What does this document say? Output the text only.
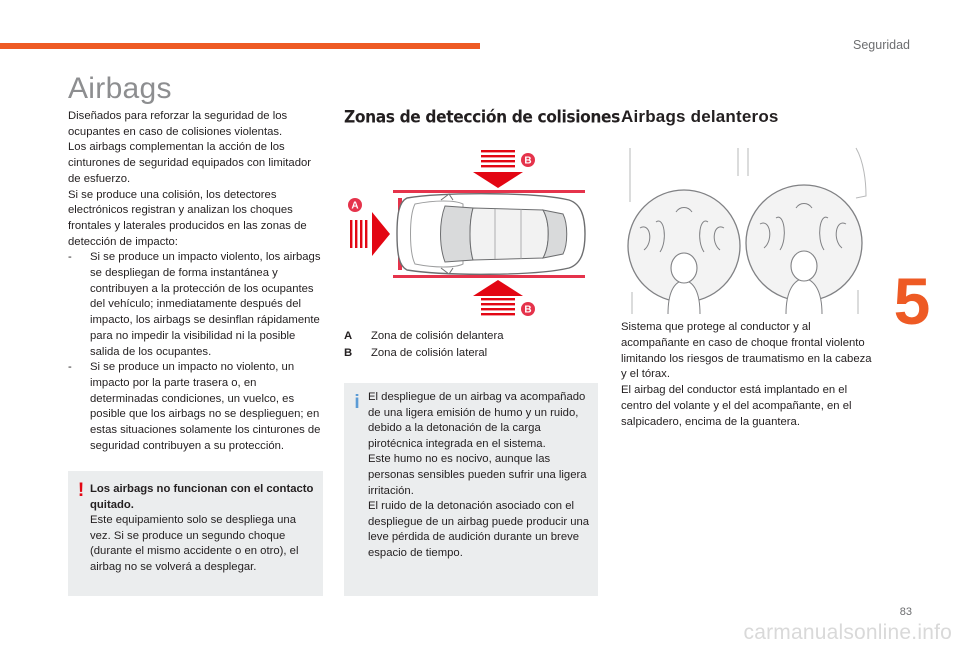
Seguridad
5
83
carmanualsonline.info
Airbags

Diseñados para reforzar la seguridad de los ocupantes en caso de colisiones violentas.

Los airbags complementan la acción de los cinturones de seguridad equipados con limitador de esfuerzo.

Si se produce una colisión, los detectores electrónicos registran y analizan los choques frontales y laterales producidos en las zonas de detección de impacto:

-	Si se produce un impacto violento, los airbags se despliegan de forma instantánea y contribuyen a la protección de los ocupantes del vehículo; inmediatamente después del impacto, los airbags se desinflan rápidamente para no impedir la visibilidad ni la posible salida de los ocupantes.
-	Si se produce un impacto no violento, un impacto por la parte trasera o, en determinadas condiciones, un vuelco, es posible que los airbags no se desplieguen; en estas situaciones solamente los cinturones de seguridad contribuyen a su protección.
! Los airbags no funcionan con el contacto quitado.
Este equipamiento solo se despliega una vez. Si se produce un segundo choque (durante el mismo accidente o en otro), el airbag no se volverá a desplegar.
Zonas de detección de colisiones
B
A
B
A	Zona de colisión delantera
B	Zona de colisión lateral
i El despliegue de un airbag va acompañado de una ligera emisión de humo y un ruido, debido a la detonación de la carga pirotécnica integrada en el sistema.
Este humo no es nocivo, aunque las personas sensibles pueden sufrir una ligera irritación.
El ruido de la detonación asociado con el despliegue de un airbag puede producir una leve pérdida de audición durante un breve espacio de tiempo.
Airbags delanteros
Sistema que protege al conductor y al acompañante en caso de choque frontal violento limitando los riesgos de traumatismo en la cabeza y el tórax.
El airbag del conductor está implantado en el centro del volante y el del acompañante, en el salpicadero, encima de la guantera.
